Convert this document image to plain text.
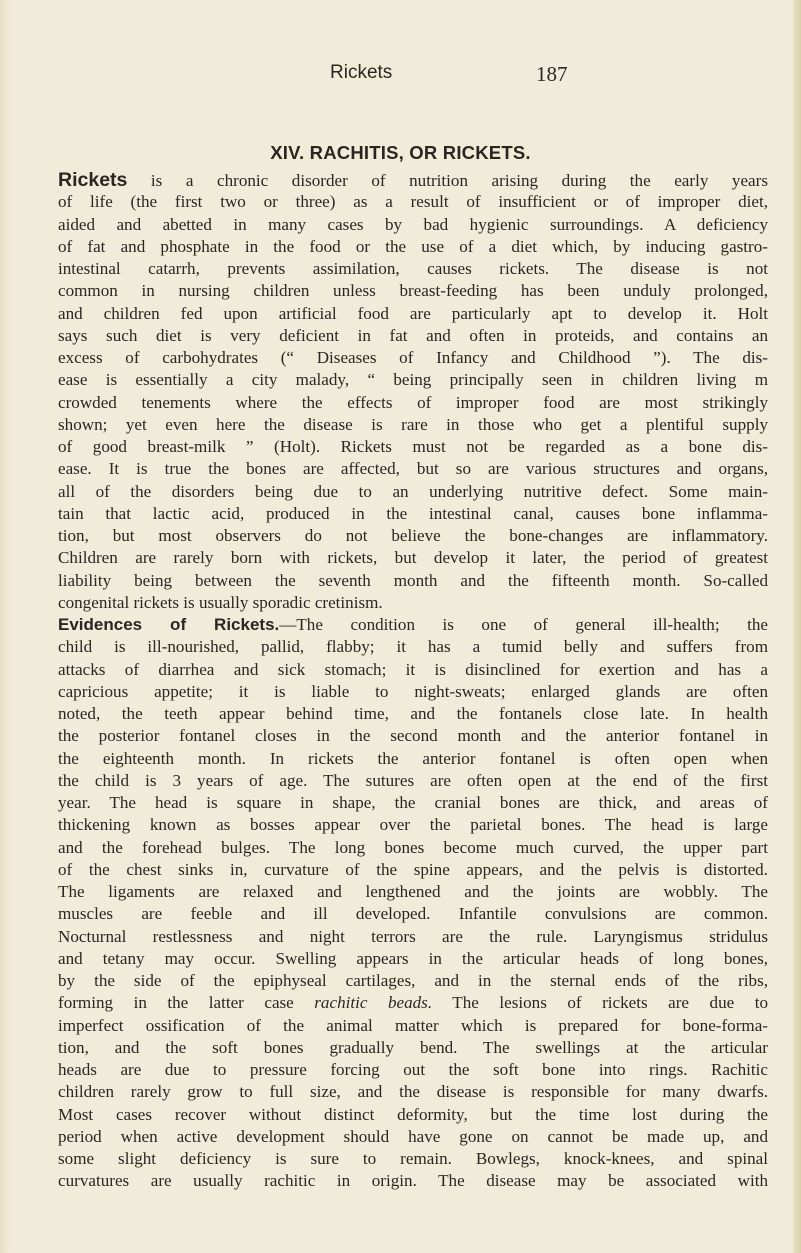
Rickets	187
XIV. RACHITIS, OR RICKETS.
Rickets is a chronic disorder of nutrition arising during the early years
of life (the first two or three) as a result of insufficient or of improper diet,
aided and abetted in many cases by bad hygienic surroundings. A deficiency
of fat and phosphate in the food or the use of a diet which, by inducing gastro-
intestinal catarrh, prevents assimilation, causes rickets. The disease is not
common in nursing children unless breast-feeding has been unduly prolonged,
and children fed upon artificial food are particularly apt to develop it. Holt
says such diet is very deficient in fat and often in proteids, and contains an
excess of carbohydrates (“ Diseases of Infancy and Childhood ”). The dis-
ease is essentially a city malady, “ being principally seen in children living m
crowded tenements where the effects of improper food are most strikingly
shown; yet even here the disease is rare in those who get a plentiful supply
of good breast-milk ” (Holt). Rickets must not be regarded as a bone dis-
ease. It is true the bones are affected, but so are various structures and organs,
all of the disorders being due to an underlying nutritive defect. Some main-
tain that lactic acid, produced in the intestinal canal, causes bone inflamma-
tion, but most observers do not believe the bone-changes are inflammatory.
Children are rarely born with rickets, but develop it later, the period of greatest
liability being between the seventh month and the fifteenth month. So-called
congenital rickets is usually sporadic cretinism.
Evidences of Rickets.—The condition is one of general ill-health; the
child is ill-nourished, pallid, flabby; it has a tumid belly and suffers from
attacks of diarrhea and sick stomach; it is disinclined for exertion and has a
capricious appetite; it is liable to night-sweats; enlarged glands are often
noted, the teeth appear behind time, and the fontanels close late. In health
the posterior fontanel closes in the second month and the anterior fontanel in
the eighteenth month. In rickets the anterior fontanel is often open when
the child is 3 years of age. The sutures are often open at the end of the first
year. The head is square in shape, the cranial bones are thick, and areas of
thickening known as bosses appear over the parietal bones. The head is large
and the forehead bulges. The long bones become much curved, the upper part
of the chest sinks in, curvature of the spine appears, and the pelvis is distorted.
The ligaments are relaxed and lengthened and the joints are wobbly. The
muscles are feeble and ill developed. Infantile convulsions are common.
Nocturnal restlessness and night terrors are the rule. Laryngismus stridulus
and tetany may occur. Swelling appears in the articular heads of long bones,
by the side of the epiphyseal cartilages, and in the sternal ends of the ribs,
forming in the latter case rachitic beads. The lesions of rickets are due to
imperfect ossification of the animal matter which is prepared for bone-forma-
tion, and the soft bones gradually bend. The swellings at the articular
heads are due to pressure forcing out the soft bone into rings. Rachitic
children rarely grow to full size, and the disease is responsible for many dwarfs.
Most cases recover without distinct deformity, but the time lost during the
period when active development should have gone on cannot be made up, and
some slight deficiency is sure to remain. Bowlegs, knock-knees, and spinal
curvatures are usually rachitic in origin. The disease may be associated with
